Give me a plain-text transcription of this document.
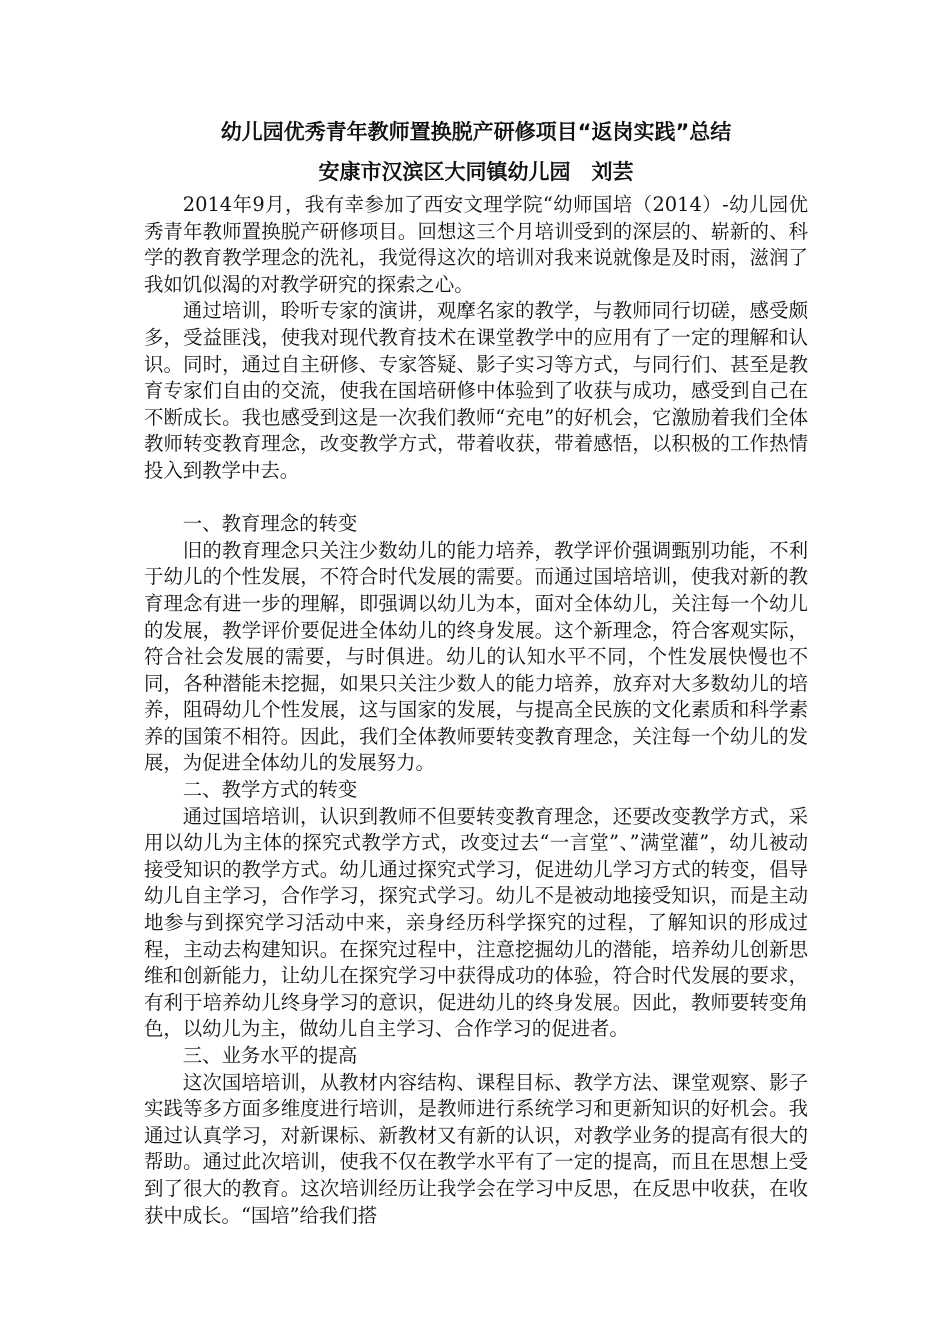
幼儿园优秀青年教师置换脱产研修项目“返岗实践”总结
安康市汉滨区大同镇幼儿园　刘芸

2014年9月，我有幸参加了西安文理学院“幼师国培（2014）-幼儿园优秀青年教师置换脱产研修项目。回想这三个月培训受到的深层的、崭新的、科学的教育教学理念的洗礼，我觉得这次的培训对我来说就像是及时雨，滋润了我如饥似渴的对教学研究的探索之心。

通过培训，聆听专家的演讲，观摩名家的教学，与教师同行切磋，感受颇多，受益匪浅，使我对现代教育技术在课堂教学中的应用有了一定的理解和认识。同时，通过自主研修、专家答疑、影子实习等方式，与同行们、甚至是教育专家们自由的交流，使我在国培研修中体验到了收获与成功，感受到自己在不断成长。我也感受到这是一次我们教师“充电”的好机会，它激励着我们全体教师转变教育理念，改变教学方式，带着收获，带着感悟，以积极的工作热情投入到教学中去。

一、教育理念的转变

旧的教育理念只关注少数幼儿的能力培养，教学评价强调甄别功能，不利于幼儿的个性发展，不符合时代发展的需要。而通过国培培训，使我对新的教育理念有进一步的理解，即强调以幼儿为本，面对全体幼儿，关注每一个幼儿的发展，教学评价要促进全体幼儿的终身发展。这个新理念，符合客观实际，符合社会发展的需要，与时俱进。幼儿的认知水平不同，个性发展快慢也不同，各种潜能未挖掘，如果只关注少数人的能力培养，放弃对大多数幼儿的培养，阻碍幼儿个性发展，这与国家的发展，与提高全民族的文化素质和科学素养的国策不相符。因此，我们全体教师要转变教育理念，关注每一个幼儿的发展，为促进全体幼儿的发展努力。

二、教学方式的转变

通过国培培训，认识到教师不但要转变教育理念，还要改变教学方式，采用以幼儿为主体的探究式教学方式，改变过去“一言堂”、”满堂灌”，幼儿被动接受知识的教学方式。幼儿通过探究式学习，促进幼儿学习方式的转变，倡导幼儿自主学习，合作学习，探究式学习。幼儿不是被动地接受知识，而是主动地参与到探究学习活动中来，亲身经历科学探究的过程，了解知识的形成过程，主动去构建知识。在探究过程中，注意挖掘幼儿的潜能，培养幼儿创新思维和创新能力，让幼儿在探究学习中获得成功的体验，符合时代发展的要求，有利于培养幼儿终身学习的意识，促进幼儿的终身发展。因此，教师要转变角色，以幼儿为主，做幼儿自主学习、合作学习的促进者。

三、业务水平的提高

这次国培培训，从教材内容结构、课程目标、教学方法、课堂观察、影子实践等多方面多维度进行培训，是教师进行系统学习和更新知识的好机会。我通过认真学习，对新课标、新教材又有新的认识，对教学业务的提高有很大的帮助。通过此次培训，使我不仅在教学水平有了一定的提高，而且在思想上受到了很大的教育。这次培训经历让我学会在学习中反思，在反思中收获，在收获中成长。“国培”给我们搭
